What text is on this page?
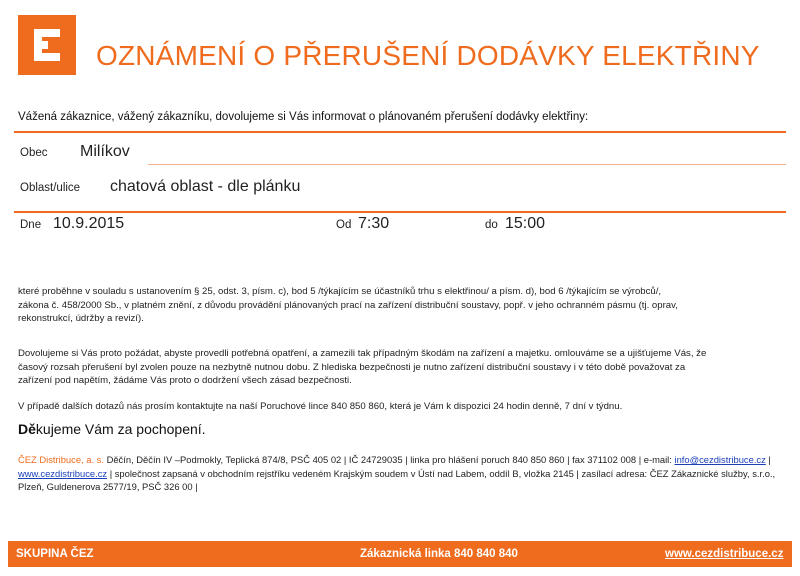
OZNÁMENÍ O PŘERUŠENÍ DODÁVKY ELEKTŘINY
Vážená zákaznice, vážený zákazníku, dovolujeme si Vás informovat o plánovaném přerušení dodávky elektřiny:
Obec Milíkov
Oblast/ulice chatová oblast - dle plánku
Dne 10.9.2015	Od 7:30	do 15:00
které proběhne v souladu s ustanovením § 25, odst. 3, písm. c), bod 5 /týkajícím se účastníků trhu s elektřinou/ a písm. d), bod 6 /týkajícím se výrobců/,
zákona č. 458/2000 Sb., v platném znění, z důvodu provádění plánovaných prací na zařízení distribuční soustavy, popř. v jeho ochranném pásmu (tj. oprav,
rekonstrukcí, údržby a revizí).
Dovolujeme si Vás proto požádat, abyste provedli potřebná opatření, a zamezili tak případným škodám na zařízení a majetku. omlouváme se a ujišťujeme Vás, že
časový rozsah přerušení byl zvolen pouze na nezbytně nutnou dobu. Z hlediska bezpečnosti je nutno zařízení distribuční soustavy i v této době považovat za
zařízení pod napětím, žádáme Vás proto o dodržení všech zásad bezpečnosti.
V případě dalších dotazů nás prosím kontaktujte na naší Poruchové lince 840 850 860, která je Vám k dispozici 24 hodin denně, 7 dní v týdnu.
Děkujeme Vám za pochopení.
ČEZ Distribuce, a. s. Děčín, Děčín IV –Podmokly, Teplická 874/8, PSČ 405 02 | IČ 24729035 | linka pro hlášení poruch 840 850 860 | fax 371102 008 | e-mail: info@cezdistribuce.cz |
www.cezdistribuce.cz | společnost zapsaná v obchodním rejstříku vedeném Krajským soudem v Ústí nad Labem, oddíl B, vložka 2145 | zasílací adresa: ČEZ Zákaznické služby, s.r.o.,
Plzeň, Guldenerova 2577/19, PSČ 326 00 |
SKUPINA ČEZ	Zákaznická linka 840 840 840	www.cezdistribuce.cz
